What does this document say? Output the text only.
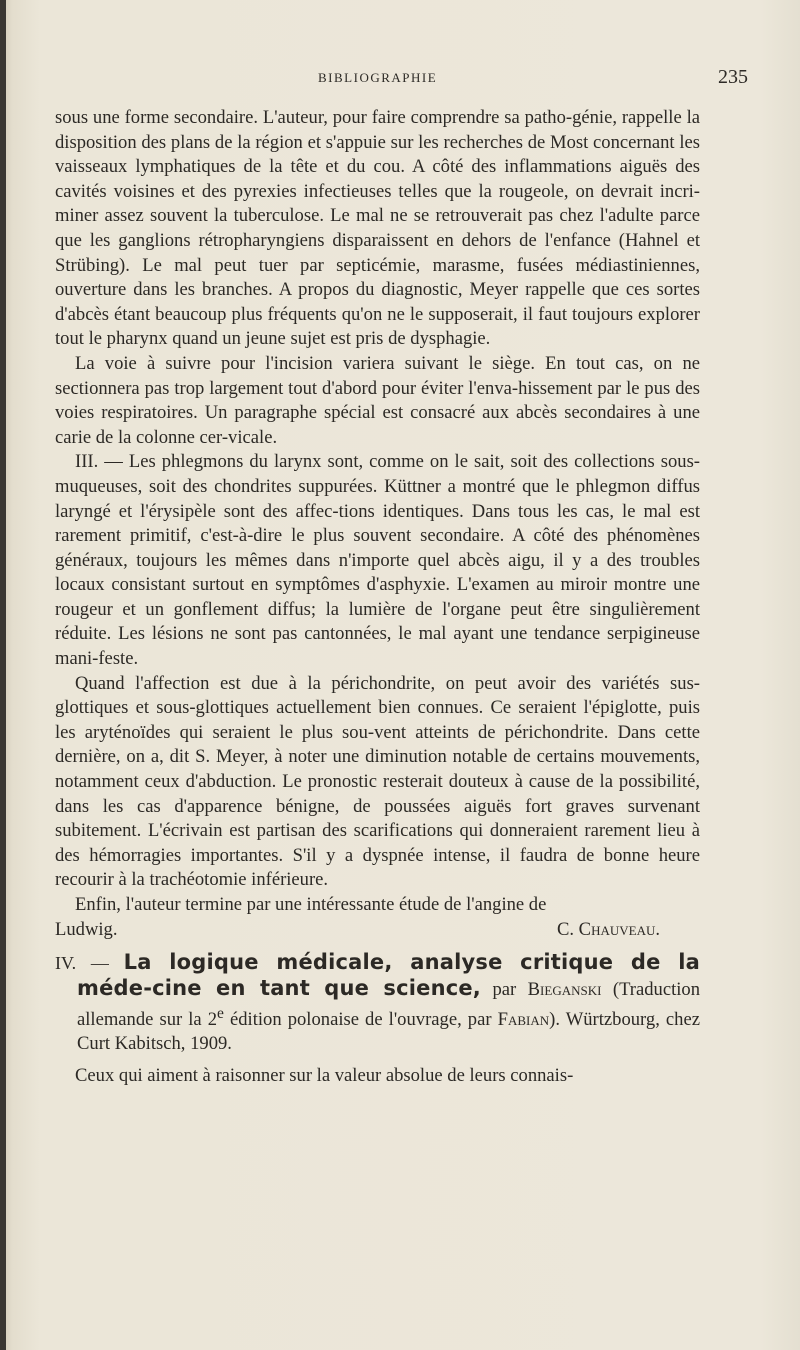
BIBLIOGRAPHIE	235

sous une forme secondaire. L'auteur, pour faire comprendre sa patho-génie, rappelle la disposition des plans de la région et s'appuie sur les recherches de Most concernant les vaisseaux lymphatiques de la tête et du cou. A côté des inflammations aiguës des cavités voisines et des pyrexies infectieuses telles que la rougeole, on devrait incri-miner assez souvent la tuberculose. Le mal ne se retrouverait pas chez l'adulte parce que les ganglions rétropharyngiens disparaissent en dehors de l'enfance (Hahnel et Strübing). Le mal peut tuer par septicémie, marasme, fusées médiastiniennes, ouverture dans les branches. A propos du diagnostic, Meyer rappelle que ces sortes d'abcès étant beaucoup plus fréquents qu'on ne le supposerait, il faut toujours explorer tout le pharynx quand un jeune sujet est pris de dysphagie.

La voie à suivre pour l'incision variera suivant le siège. En tout cas, on ne sectionnera pas trop largement tout d'abord pour éviter l'enva-hissement par le pus des voies respiratoires. Un paragraphe spécial est consacré aux abcès secondaires à une carie de la colonne cer-vicale.

III. — Les phlegmons du larynx sont, comme on le sait, soit des collections sous-muqueuses, soit des chondrites suppurées. Küttner a montré que le phlegmon diffus laryngé et l'érysipèle sont des affec-tions identiques. Dans tous les cas, le mal est rarement primitif, c'est-à-dire le plus souvent secondaire. A côté des phénomènes généraux, toujours les mêmes dans n'importe quel abcès aigu, il y a des troubles locaux consistant surtout en symptômes d'asphyxie. L'examen au miroir montre une rougeur et un gonflement diffus; la lumière de l'organe peut être singulièrement réduite. Les lésions ne sont pas cantonnées, le mal ayant une tendance serpigineuse mani-feste.

Quand l'affection est due à la périchondrite, on peut avoir des variétés sus-glottiques et sous-glottiques actuellement bien connues. Ce seraient l'épiglotte, puis les aryténoïdes qui seraient le plus sou-vent atteints de périchondrite. Dans cette dernière, on a, dit S. Meyer, à noter une diminution notable de certains mouvements, notamment ceux d'abduction. Le pronostic resterait douteux à cause de la possibilité, dans les cas d'apparence bénigne, de poussées aiguës fort graves survenant subitement. L'écrivain est partisan des scarifications qui donneraient rarement lieu à des hémorragies importantes. S'il y a dyspnée intense, il faudra de bonne heure recourir à la trachéotomie inférieure.

Enfin, l'auteur termine par une intéressante étude de l'angine de

Ludwig.	C. Chauveau.

IV. — La logique médicale, analyse critique de la méde-cine en tant que science, par Bieganski (Traduction allemande sur la 2e édition polonaise de l'ouvrage, par Fabian). Würtzbourg, chez Curt Kabitsch, 1909.

Ceux qui aiment à raisonner sur la valeur absolue de leurs connais-
